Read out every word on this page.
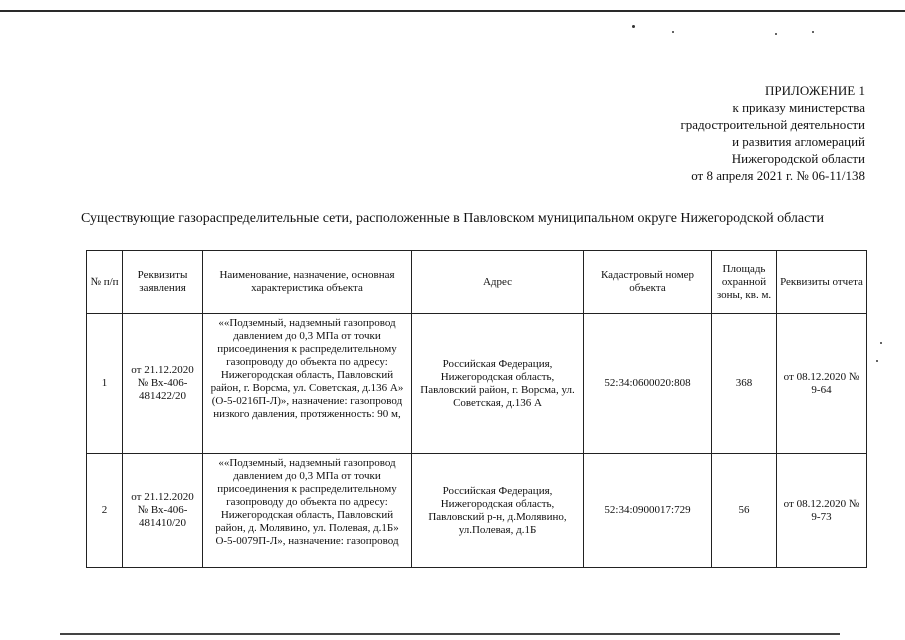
ПРИЛОЖЕНИЕ 1
к приказу министерства
градостроительной деятельности
и развития агломераций
Нижегородской области
от 8 апреля 2021 г. № 06-11/138
Существующие газораспределительные сети, расположенные в Павловском муниципальном округе Нижегородской области
№ п/п	Реквизиты заявления	Наименование, назначение, основная характеристика объекта	Адрес	Кадастровый номер объекта	Площадь охранной зоны, кв. м.	Реквизиты отчета
1	от 21.12.2020 № Вх-406-481422/20	««Подземный, надземный газопровод давлением до 0,3 МПа от точки присоединения к распределительному газопроводу до объекта по адресу: Нижегородская область, Павловский район, г. Ворсма, ул. Советская, д.136 А» (О-5-0216П-Л)», назначение: газопровод низкого давления, протяженность: 90 м,	Российская Федерация, Нижегородская область, Павловский район, г. Ворсма, ул. Советская, д.136 А	52:34:0600020:808	368	от 08.12.2020 № 9-64
2	от 21.12.2020 № Вх-406-481410/20	««Подземный, надземный газопровод давлением до 0,3 МПа от точки присоединения к распределительному газопроводу до объекта по адресу: Нижегородская область, Павловский район, д. Молявино, ул. Полевая, д.1Б» О-5-0079П-Л», назначение: газопровод	Российская Федерация, Нижегородская область, Павловский р-н, д.Молявино, ул.Полевая, д.1Б	52:34:0900017:729	56	от 08.12.2020 № 9-73
